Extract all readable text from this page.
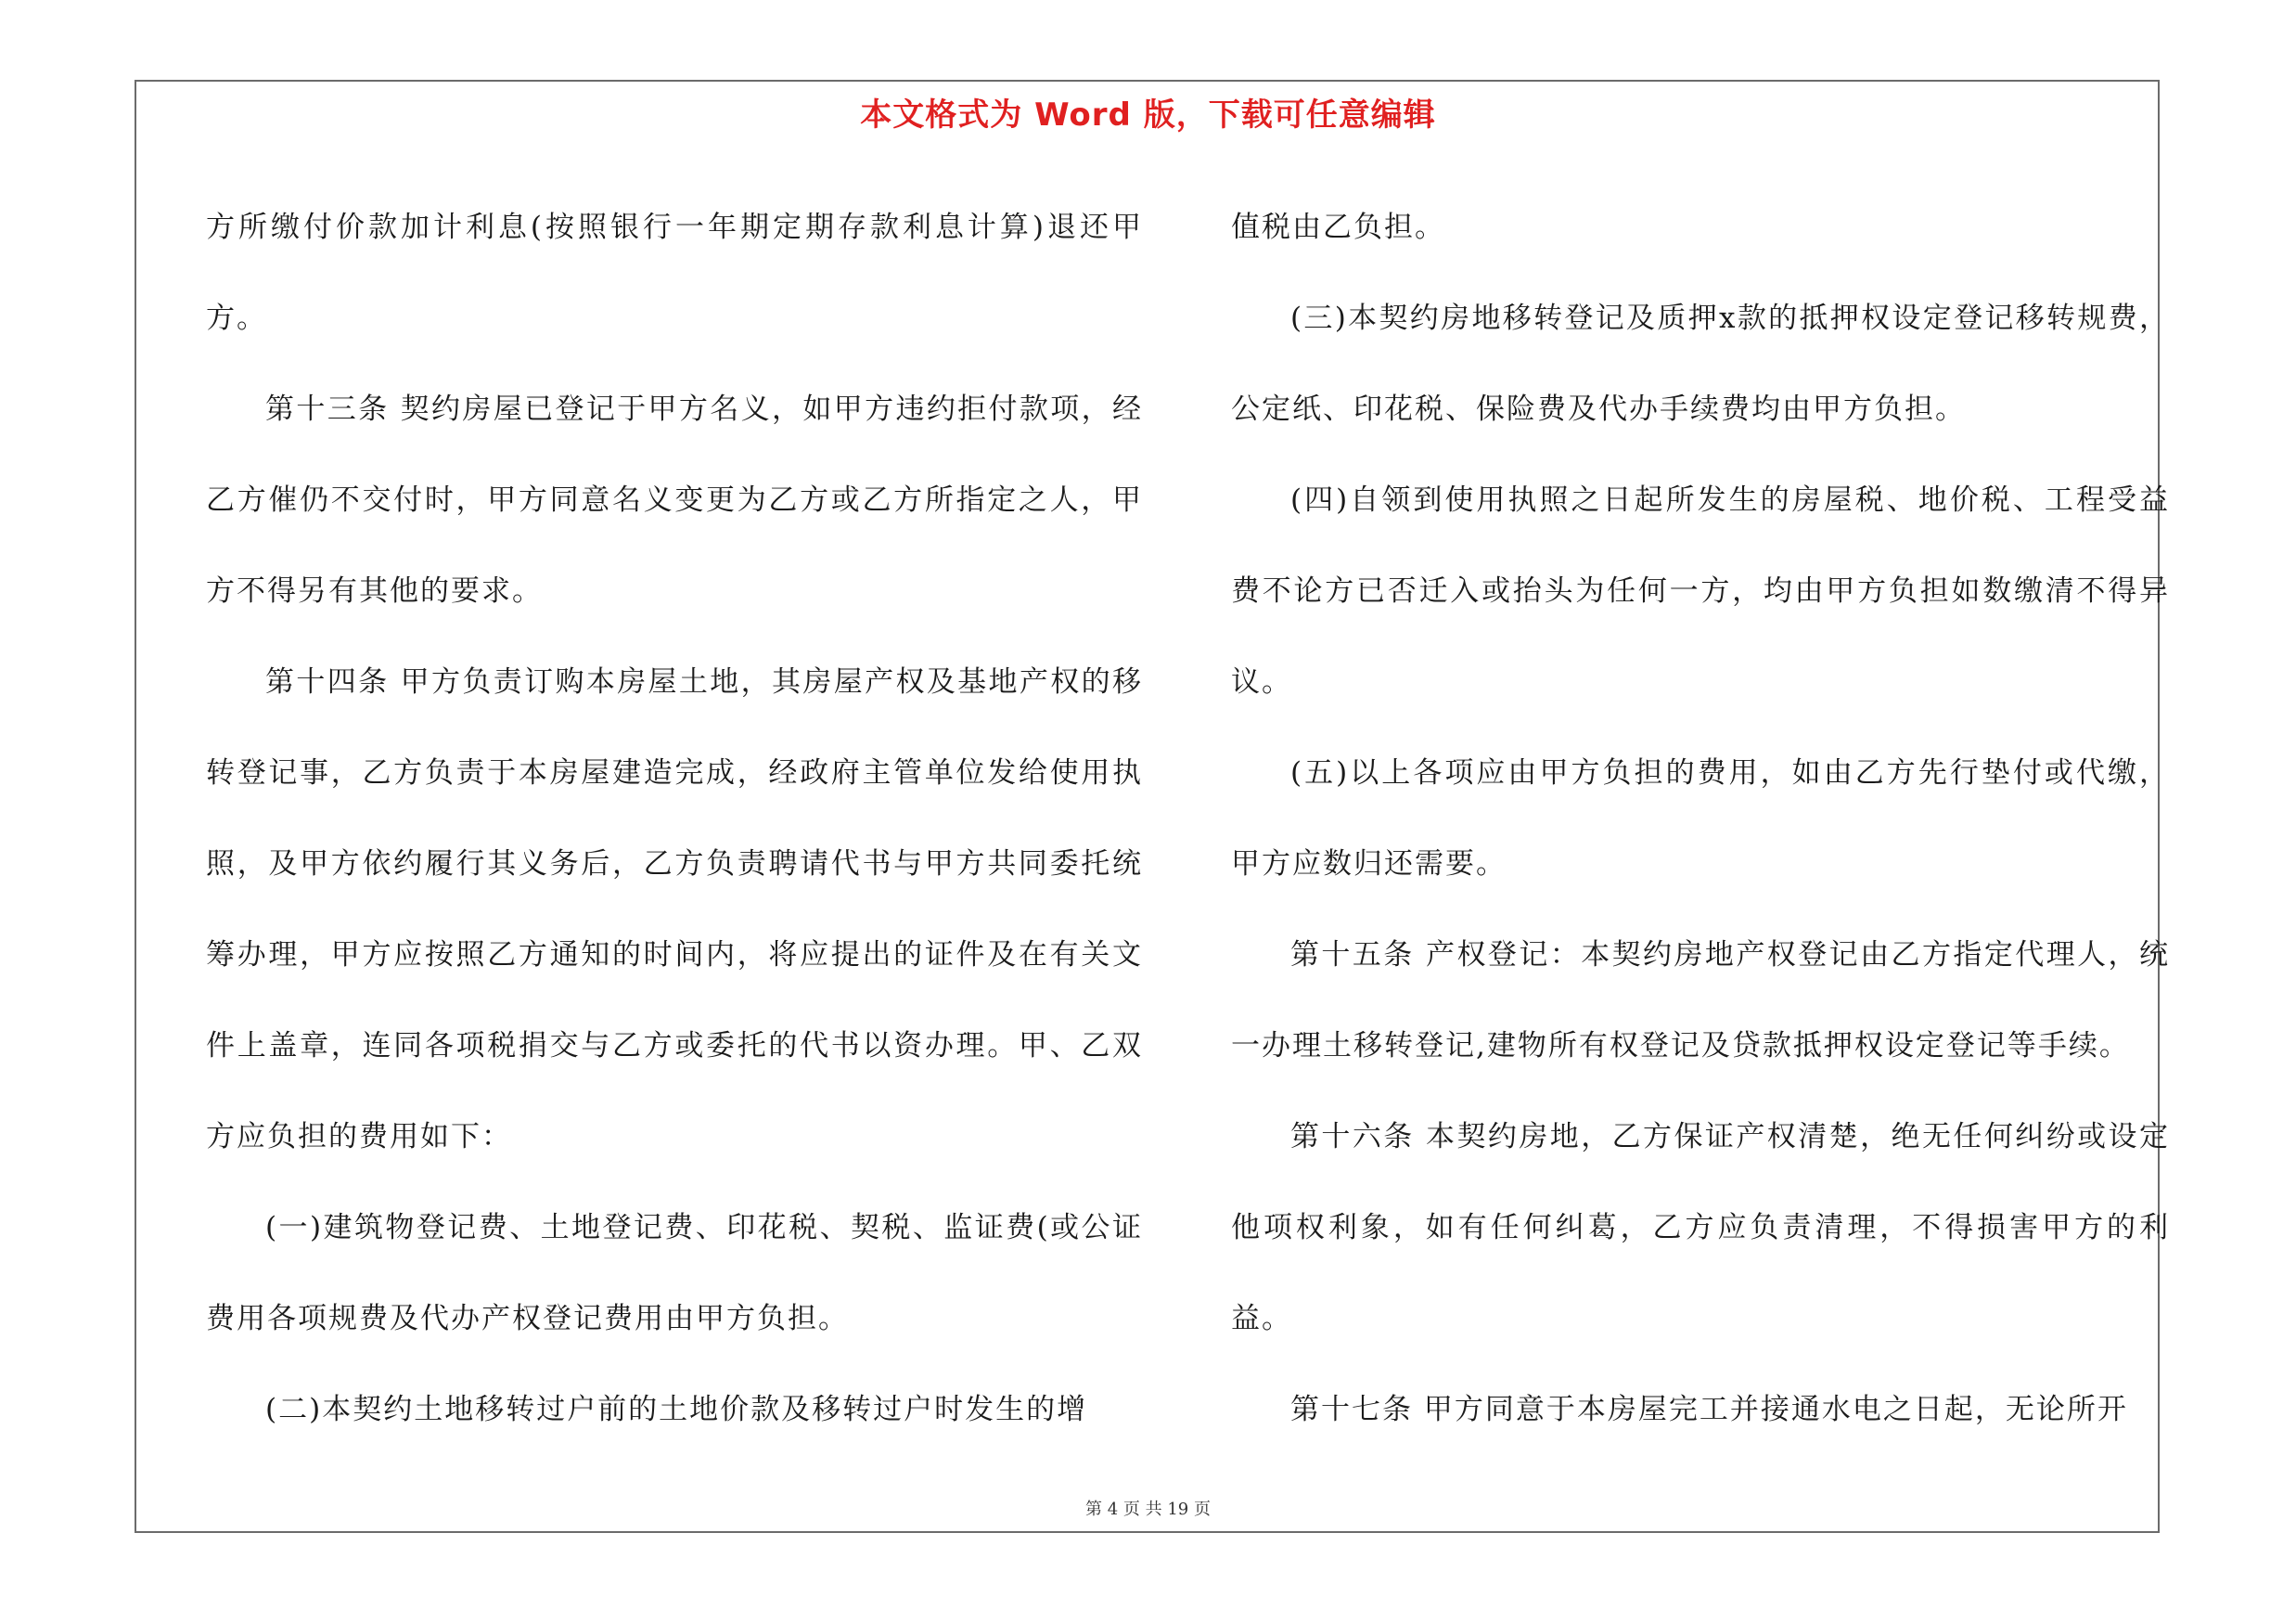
本文格式为 Word 版，下载可任意编辑

方所缴付价款加计利息(按照银行一年期定期存款利息计算)退还甲方。

第十三条 契约房屋已登记于甲方名义，如甲方违约拒付款项，经乙方催仍不交付时，甲方同意名义变更为乙方或乙方所指定之人，甲方不得另有其他的要求。

第十四条 甲方负责订购本房屋土地，其房屋产权及基地产权的移转登记事，乙方负责于本房屋建造完成，经政府主管单位发给使用执照，及甲方依约履行其义务后，乙方负责聘请代书与甲方共同委托统筹办理，甲方应按照乙方通知的时间内，将应提出的证件及在有关文件上盖章，连同各项税捐交与乙方或委托的代书以资办理。甲、乙双方应负担的费用如下：

(一)建筑物登记费、土地登记费、印花税、契税、监证费(或公证费用各项规费及代办产权登记费用由甲方负担。

(二)本契约土地移转过户前的土地价款及移转过户时发生的增

值税由乙负担。

(三)本契约房地移转登记及质押x款的抵押权设定登记移转规费，公定纸、印花税、保险费及代办手续费均由甲方负担。

(四)自领到使用执照之日起所发生的房屋税、地价税、工程受益费不论方已否迁入或抬头为任何一方，均由甲方负担如数缴清不得异议。

(五)以上各项应由甲方负担的费用，如由乙方先行垫付或代缴，甲方应数归还需要。

第十五条 产权登记：本契约房地产权登记由乙方指定代理人，统一办理土移转登记,建物所有权登记及贷款抵押权设定登记等手续。

第十六条 本契约房地，乙方保证产权清楚，绝无任何纠纷或设定他项权利象，如有任何纠葛，乙方应负责清理，不得损害甲方的利益。

第十七条 甲方同意于本房屋完工并接通水电之日起，无论所开

第 4 页 共 19 页
